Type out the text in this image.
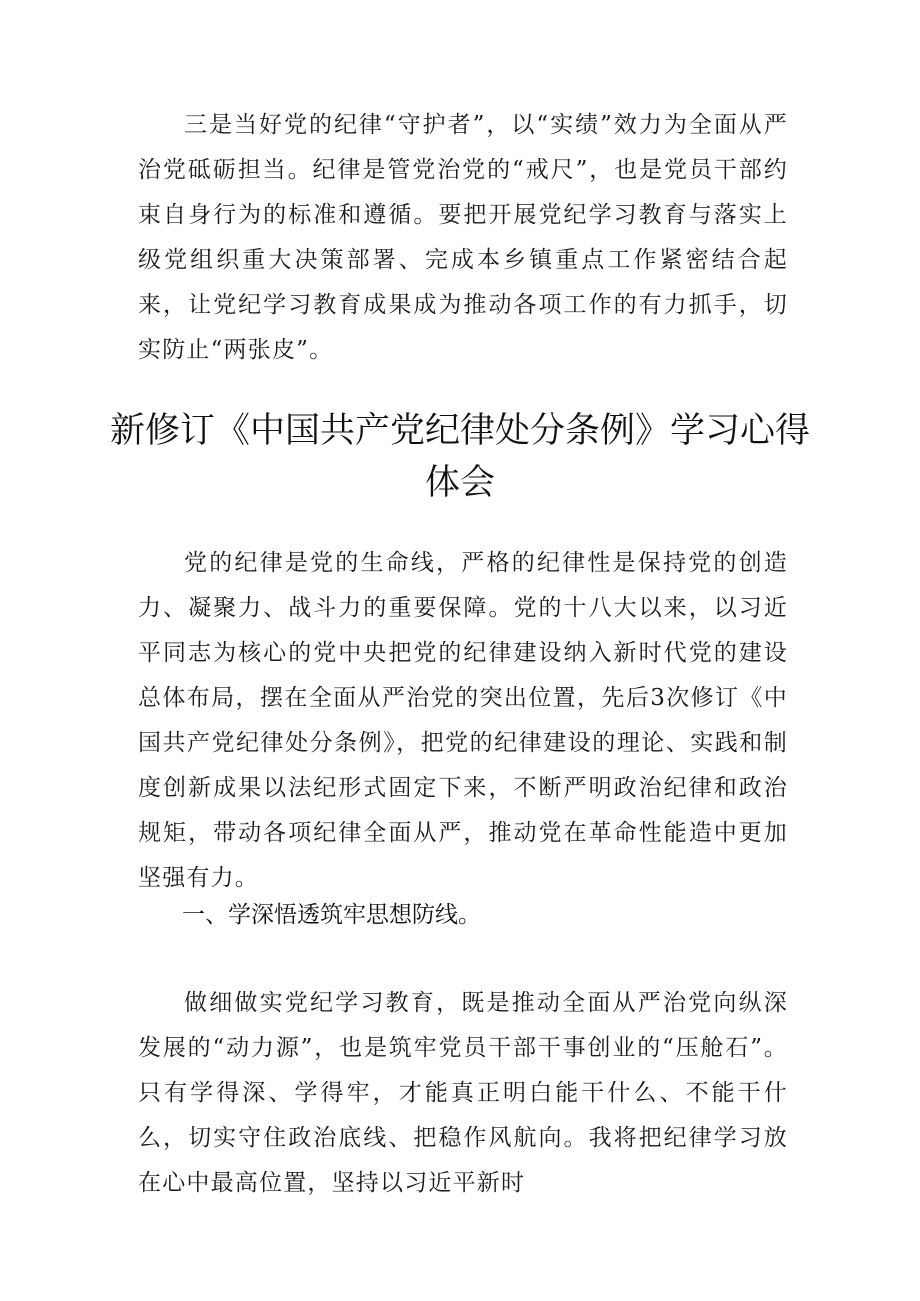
三是当好党的纪律“守护者”，以“实绩”效力为全面从严治党砥砺担当。纪律是管党治党的“戒尺”，也是党员干部约束自身行为的标准和遵循。要把开展党纪学习教育与落实上级党组织重大决策部署、完成本乡镇重点工作紧密结合起来，让党纪学习教育成果成为推动各项工作的有力抓手，切实防止“两张皮”。

新修订《中国共产党纪律处分条例》学习心得体会

党的纪律是党的生命线，严格的纪律性是保持党的创造力、凝聚力、战斗力的重要保障。党的十八大以来，以习近平同志为核心的党中央把党的纪律建设纳入新时代党的建设总体布局，摆在全面从严治党的突出位置，先后3次修订《中国共产党纪律处分条例》，把党的纪律建设的理论、实践和制度创新成果以法纪形式固定下来，不断严明政治纪律和政治规矩，带动各项纪律全面从严，推动党在革命性能造中更加坚强有力。

一、学深悟透筑牢思想防线。

做细做实党纪学习教育，既是推动全面从严治党向纵深发展的“动力源”，也是筑牢党员干部干事创业的“压舱石”。只有学得深、学得牢，才能真正明白能干什么、不能干什么，切实守住政治底线、把稳作风航向。我将把纪律学习放在心中最高位置，坚持以习近平新时
